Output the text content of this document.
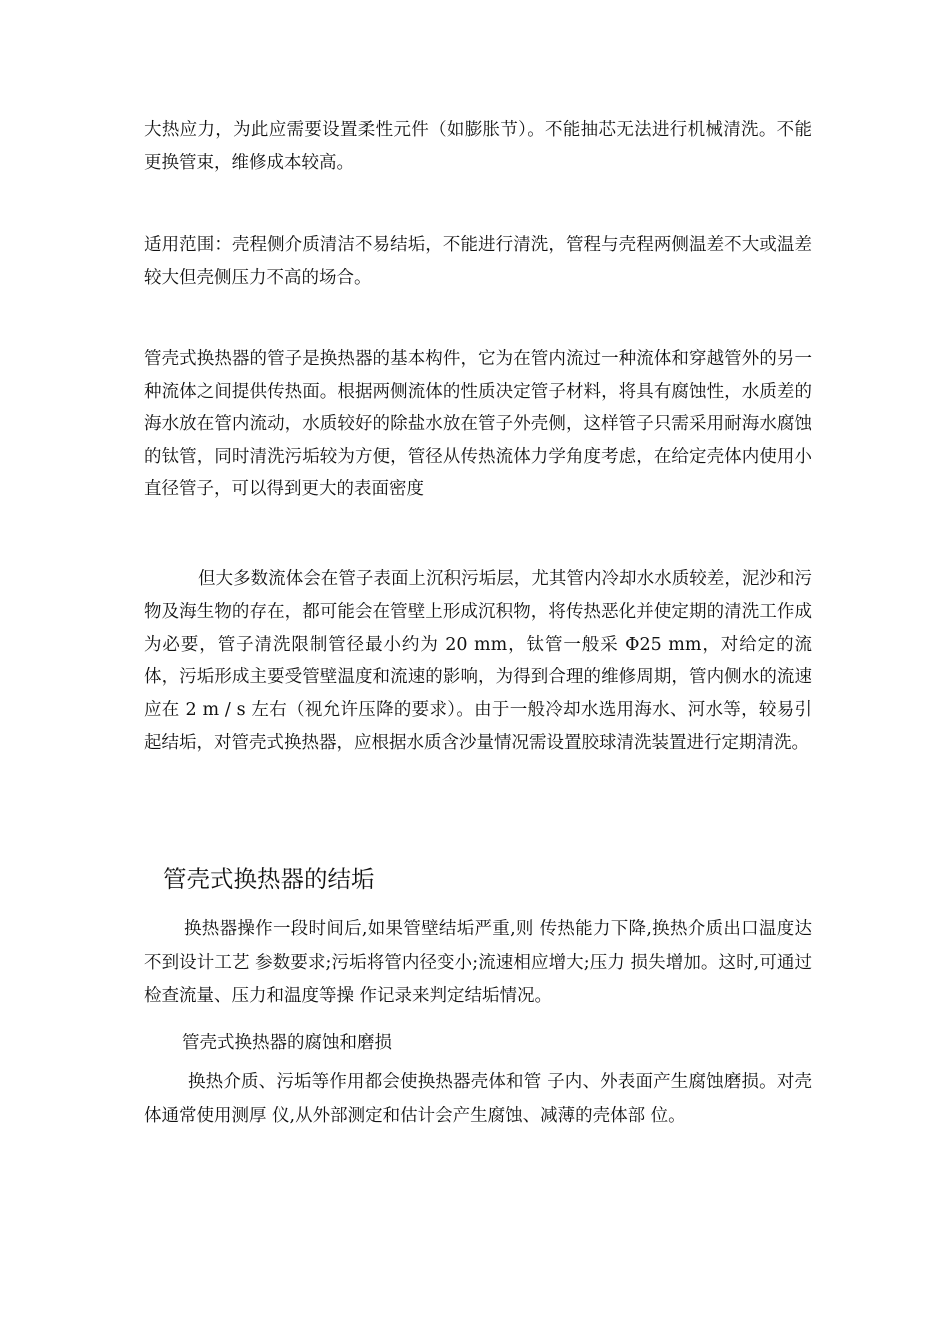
大热应力，为此应需要设置柔性元件（如膨胀节）。不能抽芯无法进行机械清洗。不能更换管束，维修成本较高。

适用范围：壳程侧介质清洁不易结垢，不能进行清洗，管程与壳程两侧温差不大或温差较大但壳侧压力不高的场合。

管壳式换热器的管子是换热器的基本构件，它为在管内流过一种流体和穿越管外的另一种流体之间提供传热面。根据两侧流体的性质决定管子材料，将具有腐蚀性，水质差的海水放在管内流动，水质较好的除盐水放在管子外壳侧，这样管子只需采用耐海水腐蚀的钛管，同时清洗污垢较为方便，管径从传热流体力学角度考虑，在给定壳体内使用小直径管子，可以得到更大的表面密度

但大多数流体会在管子表面上沉积污垢层，尤其管内冷却水水质较差，泥沙和污物及海生物的存在，都可能会在管壁上形成沉积物，将传热恶化并使定期的清洗工作成为必要，管子清洗限制管径最小约为 20 mm，钛管一般采 Φ25 mm，对给定的流体，污垢形成主要受管壁温度和流速的影响，为得到合理的维修周期，管内侧水的流速应在 2 m / s 左右（视允许压降的要求）。由于一般冷却水选用海水、河水等，较易引起结垢，对管壳式换热器，应根据水质含沙量情况需设置胶球清洗装置进行定期清洗。

管壳式换热器的结垢

换热器操作一段时间后,如果管壁结垢严重,则 传热能力下降,换热介质出口温度达不到设计工艺 参数要求;污垢将管内径变小;流速相应增大;压力 损失增加。这时,可通过检查流量、压力和温度等操 作记录来判定结垢情况。

管壳式换热器的腐蚀和磨损

换热介质、污垢等作用都会使换热器壳体和管 子内、外表面产生腐蚀磨损。对壳体通常使用测厚 仪,从外部测定和估计会产生腐蚀、减薄的壳体部 位。
